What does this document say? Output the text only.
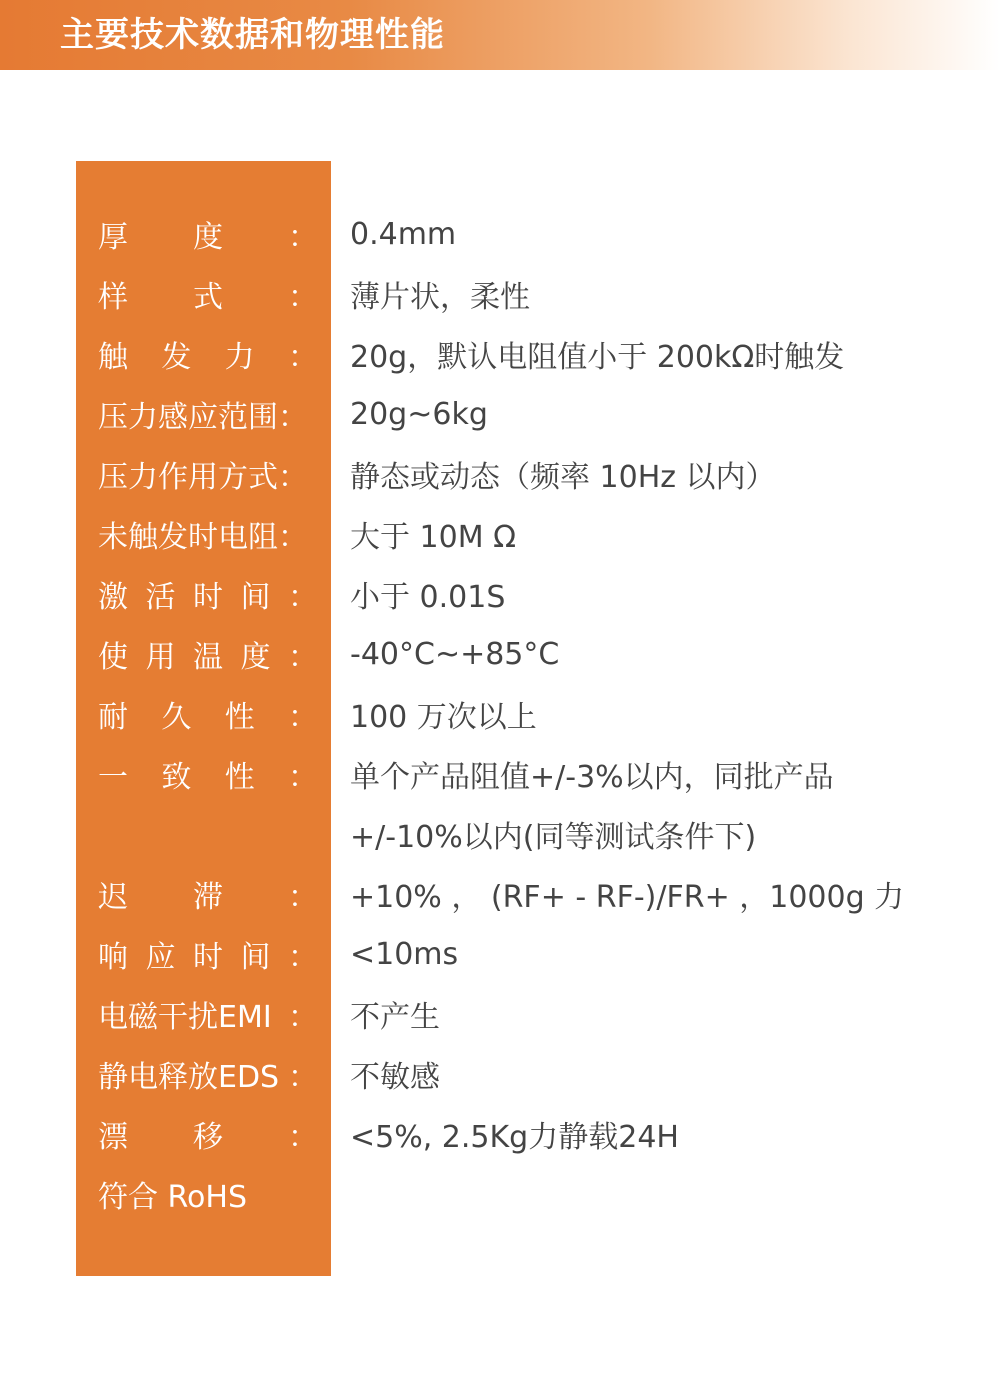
主要技术数据和物理性能
厚 度 ： 0.4mm
样 式 ： 薄片状，柔性
触 发 力 ： 20g，默认电阻值小于 200kΩ时触发
压力感应范围： 20g~6kg
压力作用方式： 静态或动态（频率 10Hz 以内）
未触发时电阻： 大于 10M Ω
激 活 时 间 ： 小于 0.01S
使 用 温 度 ： -40°C~+85°C
耐 久 性 ： 100 万次以上
一 致 性 ： 单个产品阻值+/-3%以内，同批产品
+/-10%以内(同等测试条件下)
迟 滞 ： +10% ， (RF+ - RF-)/FR+ ，1000g 力
响 应 时 间 ： <10ms
电磁干扰EMI ： 不产生
静电释放EDS ： 不敏感
漂 移 ： <5%, 2.5Kg力静载24H
符合 RoHS
